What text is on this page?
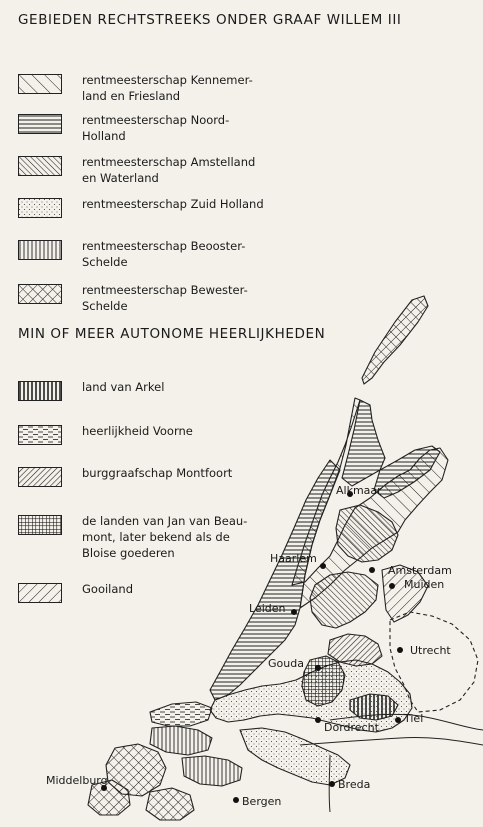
GEBIEDEN RECHTSTREEKS ONDER GRAAF WILLEM III
MIN OF MEER AUTONOME HEERLIJKHEDEN
rentmeesterschap Kennemer-
land en Friesland
rentmeesterschap Noord-
Holland
rentmeesterschap Amstelland
en Waterland
rentmeesterschap Zuid Holland
rentmeesterschap Beooster-
Schelde
rentmeesterschap Bewester-
Schelde
land van Arkel
heerlijkheid Voorne
burggraafschap Montfoort
de landen van Jan van Beau-
mont, later bekend als de
Bloise goederen
Gooiland
Alkmaar
Haarlem
Amsterdam
Muiden
Leiden
Utrecht
Gouda
Dordrecht
Tiel
Middelburg	Breda
Bergen
